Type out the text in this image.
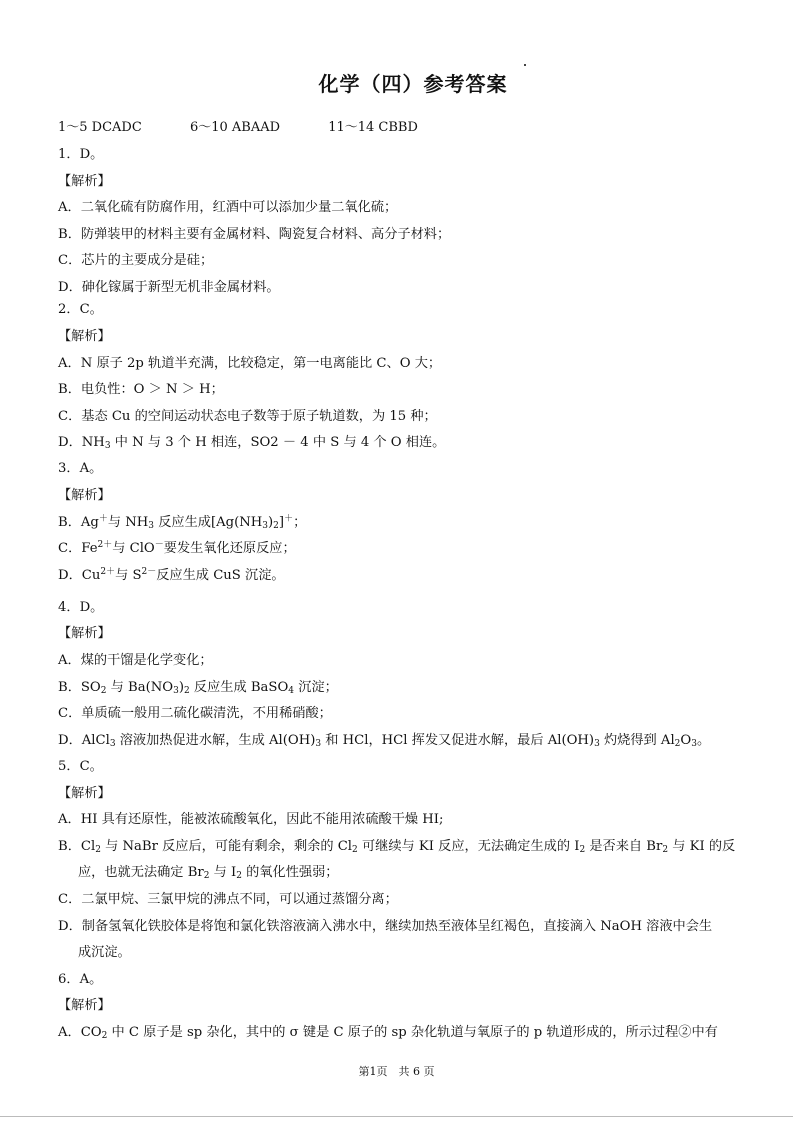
化学（四）参考答案
1～5 DCADC	6～10 ABAAD	11～14 CBBD
1．D。
【解析】
A．二氧化硫有防腐作用，红酒中可以添加少量二氧化硫；
B．防弹装甲的材料主要有金属材料、陶瓷复合材料、高分子材料；
C．芯片的主要成分是硅；
D．砷化镓属于新型无机非金属材料。
2．C。
【解析】
A．N 原子 2p 轨道半充满，比较稳定，第一电离能比 C、O 大；
B．电负性：O ＞ N ＞ H；
C．基态 Cu 的空间运动状态电子数等于原子轨道数，为 15 种；
D．$NH_3$ 中 N 与 3 个 H 相连，SO2 － 4 中 S 与 4 个 O 相连。
3．A。
【解析】
B．Ag＋与 $NH_3$ 反应生成$[Ag(NH_3)_2]^+$；
C．$Fe^{2+}$与 ClO－要发生氧化还原反应；
D．$Cu^{2+}$与 $S^{2-}$反应生成 CuS 沉淀。
4．D。
【解析】
A．煤的干馏是化学变化；
B．$SO_2$ 与 $Ba(NO_3)_2$ 反应生成 BaSO$_4$ 沉淀；
C．单质硫一般用二硫化碳清洗，不用稀硝酸；
D．AlCl$_3$ 溶液加热促进水解，生成 $Al(OH)_3$ 和 HCl，HCl 挥发又促进水解，最后 $Al(OH)_3$ 灼烧得到 $Al_2O_3$。
5．C。
【解析】
A．HI 具有还原性，能被浓硫酸氧化，因此不能用浓硫酸干燥 HI;
B．$Cl_2$ 与 NaBr 反应后，可能有剩余，剩余的 $Cl_2$ 可继续与 KI 反应，无法确定生成的 $I_2$ 是否来自 $Br_2$ 与 KI 的反
应，也就无法确定 $Br_2$ 与 $I_2$ 的氧化性强弱；
C．二氯甲烷、三氯甲烷的沸点不同，可以通过蒸馏分离；
D．制备氢氧化铁胶体是将饱和氯化铁溶液滴入沸水中，继续加热至液体呈红褐色，直接滴入 NaOH 溶液中会生
成沉淀。
6．A。
【解析】
A．$CO_2$ 中 C 原子是 sp 杂化，其中的 σ 键是 C 原子的 sp 杂化轨道与氧原子的 p 轨道形成的，所示过程②中有
第1页　共 6 页
